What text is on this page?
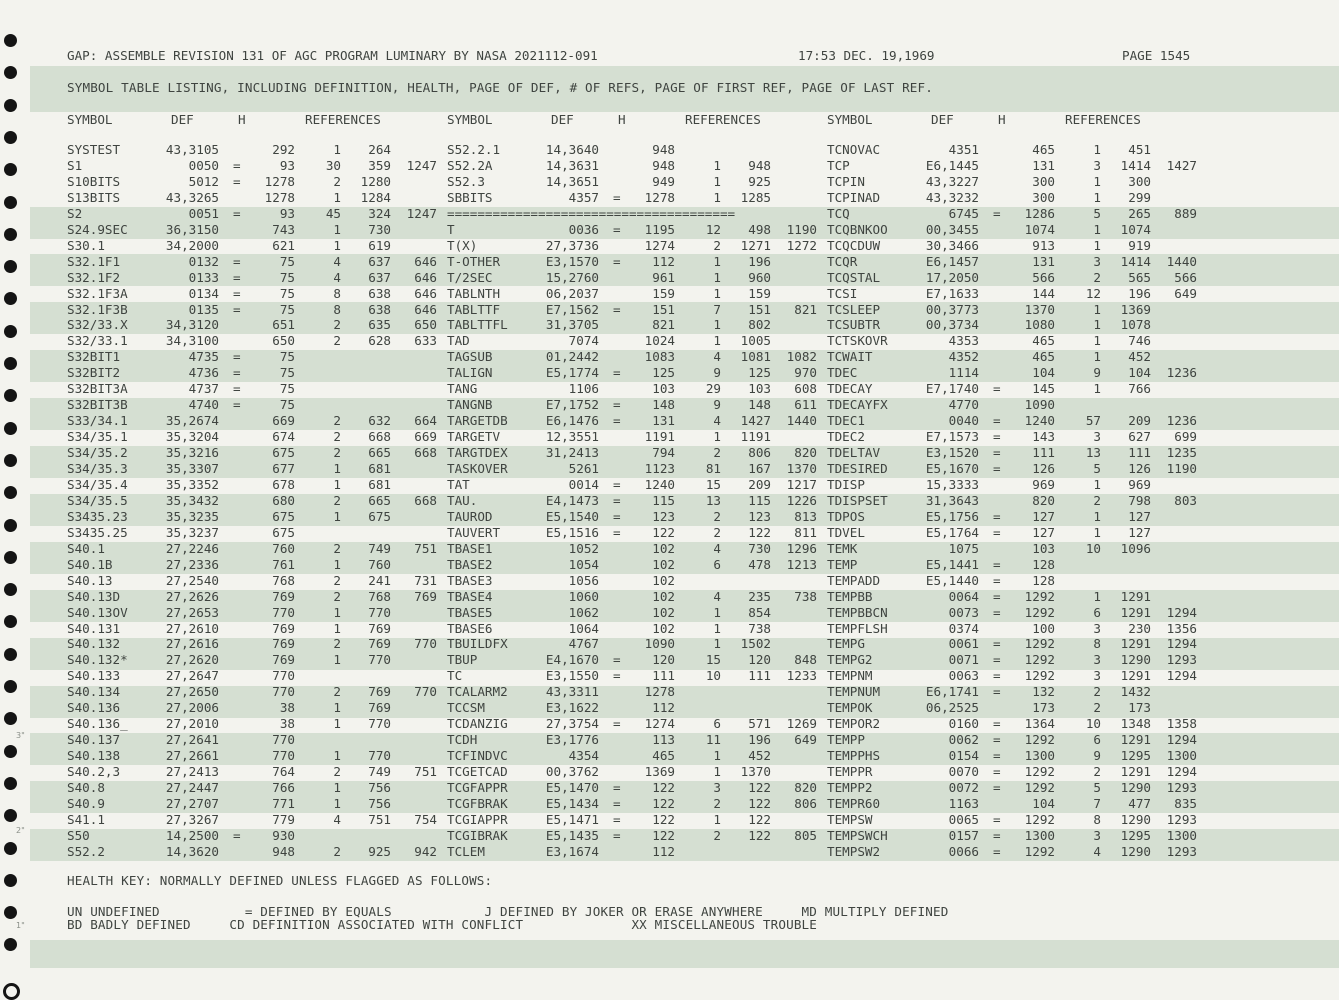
3"
2"
1"
GAP: ASSEMBLE REVISION 131 OF AGC PROGRAM LUMINARY BY NASA 2021112-091	17:53 DEC. 19,1969	PAGE 1545
SYMBOL TABLE LISTING, INCLUDING DEFINITION, HEALTH, PAGE OF DEF, # OF REFS, PAGE OF FIRST REF, PAGE OF LAST REF.
SYMBOL	DEF	H	REFERENCES	SYMBOL	DEF	H	REFERENCES	SYMBOL	DEF	H	REFERENCES
SYSTEST	43,3105	292	1	264
S1	0050 =	93	30	359	1247
S10BITS	5012 =	1278	2	1280
S13BITS	43,3265	1278	1	1284
S2	0051 =	93	45	324	1247
S24.9SEC	36,3150	743	1	730
S30.1	34,2000	621	1	619
S32.1F1	0132 =	75	4	637	646
S32.1F2	0133 =	75	4	637	646
S32.1F3A	0134 =	75	8	638	646
S32.1F3B	0135 =	75	8	638	646
S32/33.X	34,3120	651	2	635	650
S32/33.1	34,3100	650	2	628	633
S32BIT1	4735 =	75
S32BIT2	4736 =	75
S32BIT3A	4737 =	75
S32BIT3B	4740 =	75
S33/34.1	35,2674	669	2	632	664
S34/35.1	35,3204	674	2	668	669
S34/35.2	35,3216	675	2	665	668
S34/35.3	35,3307	677	1	681
S34/35.4	35,3352	678	1	681
S34/35.5	35,3432	680	2	665	668
S3435.23	35,3235	675	1	675
S3435.25	35,3237	675
S40.1	27,2246	760	2	749	751
S40.1B	27,2336	761	1	760
S40.13	27,2540	768	2	241	731
S40.13D	27,2626	769	2	768	769
S40.13OV	27,2653	770	1	770
S40.131	27,2610	769	1	769
S40.132	27,2616	769	2	769	770
S40.132*	27,2620	769	1	770
S40.133	27,2647	770
S40.134	27,2650	770	2	769	770
S40.136	27,2006	38	1	769
S40.136_	27,2010	38	1	770
S40.137	27,2641	770
S40.138	27,2661	770	1	770
S40.2,3	27,2413	764	2	749	751
S40.8	27,2447	766	1	756
S40.9	27,2707	771	1	756
S41.1	27,3267	779	4	751	754
S50	14,2500 =	930
S52.2	14,3620	948	2	925	942
S52.2.1	14,3640	948
S52.2A	14,3631	948	1	948
S52.3	14,3651	949	1	925
SBBITS	4357 =	1278	1	1285
======================================
T	0036 =	1195	12	498	1190
T(X)	27,3736	1274	2	1271	1272
T-OTHER	E3,1570 =	112	1	196
T/2SEC	15,2760	961	1	960
TABLNTH	06,2037	159	1	159
TABLTTF	E7,1562 =	151	7	151	821
TABLTTFL	31,3705	821	1	802
TAD	7074	1024	1	1005
TAGSUB	01,2442	1083	4	1081	1082
TALIGN	E5,1774 =	125	9	125	970
TANG	1106	103	29	103	608
TANGNB	E7,1752 =	148	9	148	611
TARGETDB	E6,1476 =	131	4	1427	1440
TARGETV	12,3551	1191	1	1191
TARGTDEX	31,2413	794	2	806	820
TASKOVER	5261	1123	81	167	1370
TAT	0014 =	1240	15	209	1217
TAU.	E4,1473 =	115	13	115	1226
TAUROD	E5,1540 =	123	2	123	813
TAUVERT	E5,1516 =	122	2	122	811
TBASE1	1052	102	4	730	1296
TBASE2	1054	102	6	478	1213
TBASE3	1056	102
TBASE4	1060	102	4	235	738
TBASE5	1062	102	1	854
TBASE6	1064	102	1	738
TBUILDFX	4767	1090	1	1502
TBUP	E4,1670 =	120	15	120	848
TC	E3,1550 =	111	10	111	1233
TCALARM2	43,3311	1278
TCCSM	E3,1622	112
TCDANZIG	27,3754 =	1274	6	571	1269
TCDH	E3,1776	113	11	196	649
TCFINDVC	4354	465	1	452
TCGETCAD	00,3762	1369	1	1370
TCGFAPPR	E5,1470 =	122	3	122	820
TCGFBRAK	E5,1434 =	122	2	122	806
TCGIAPPR	E5,1471 =	122	1	122
TCGIBRAK	E5,1435 =	122	2	122	805
TCLEM	E3,1674	112
TCNOVAC	4351	465	1	451
TCP	E6,1445	131	3	1414	1427
TCPIN	43,3227	300	1	300
TCPINAD	43,3232	300	1	299
TCQ	6745 =	1286	5	265	889
TCQBNKOO	00,3455	1074	1	1074
TCQCDUW	30,3466	913	1	919
TCQR	E6,1457	131	3	1414	1440
TCQSTAL	17,2050	566	2	565	566
TCSI	E7,1633	144	12	196	649
TCSLEEP	00,3773	1370	1	1369
TCSUBTR	00,3734	1080	1	1078
TCTSKOVR	4353	465	1	746
TCWAIT	4352	465	1	452
TDEC	1114	104	9	104	1236
TDECAY	E7,1740 =	145	1	766
TDECAYFX	4770	1090
TDEC1	0040 =	1240	57	209	1236
TDEC2	E7,1573 =	143	3	627	699
TDELTAV	E3,1520 =	111	13	111	1235
TDESIRED	E5,1670 =	126	5	126	1190
TDISP	15,3333	969	1	969
TDISPSET	31,3643	820	2	798	803
TDPOS	E5,1756 =	127	1	127
TDVEL	E5,1764 =	127	1	127
TEMK	1075	103	10	1096
TEMP	E5,1441 =	128
TEMPADD	E5,1440 =	128
TEMPBB	0064 =	1292	1	1291
TEMPBBCN	0073 =	1292	6	1291	1294
TEMPFLSH	0374	100	3	230	1356
TEMPG	0061 =	1292	8	1291	1294
TEMPG2	0071 =	1292	3	1290	1293
TEMPNM	0063 =	1292	3	1291	1294
TEMPNUM	E6,1741 =	132	2	1432
TEMPOK	06,2525	173	2	173
TEMPOR2	0160 =	1364	10	1348	1358
TEMPP	0062 =	1292	6	1291	1294
TEMPPHS	0154 =	1300	9	1295	1300
TEMPPR	0070 =	1292	2	1291	1294
TEMPP2	0072 =	1292	5	1290	1293
TEMPR60	1163	104	7	477	835
TEMPSW	0065 =	1292	8	1290	1293
TEMPSWCH	0157 =	1300	3	1295	1300
TEMPSW2	0066 =	1292	4	1290	1293
HEALTH KEY: NORMALLY DEFINED UNLESS FLAGGED AS FOLLOWS:
UN UNDEFINED           = DEFINED BY EQUALS            J DEFINED BY JOKER OR ERASE ANYWHERE     MD MULTIPLY DEFINED
BD BADLY DEFINED     CD DEFINITION ASSOCIATED WITH CONFLICT              XX MISCELLANEOUS TROUBLE
